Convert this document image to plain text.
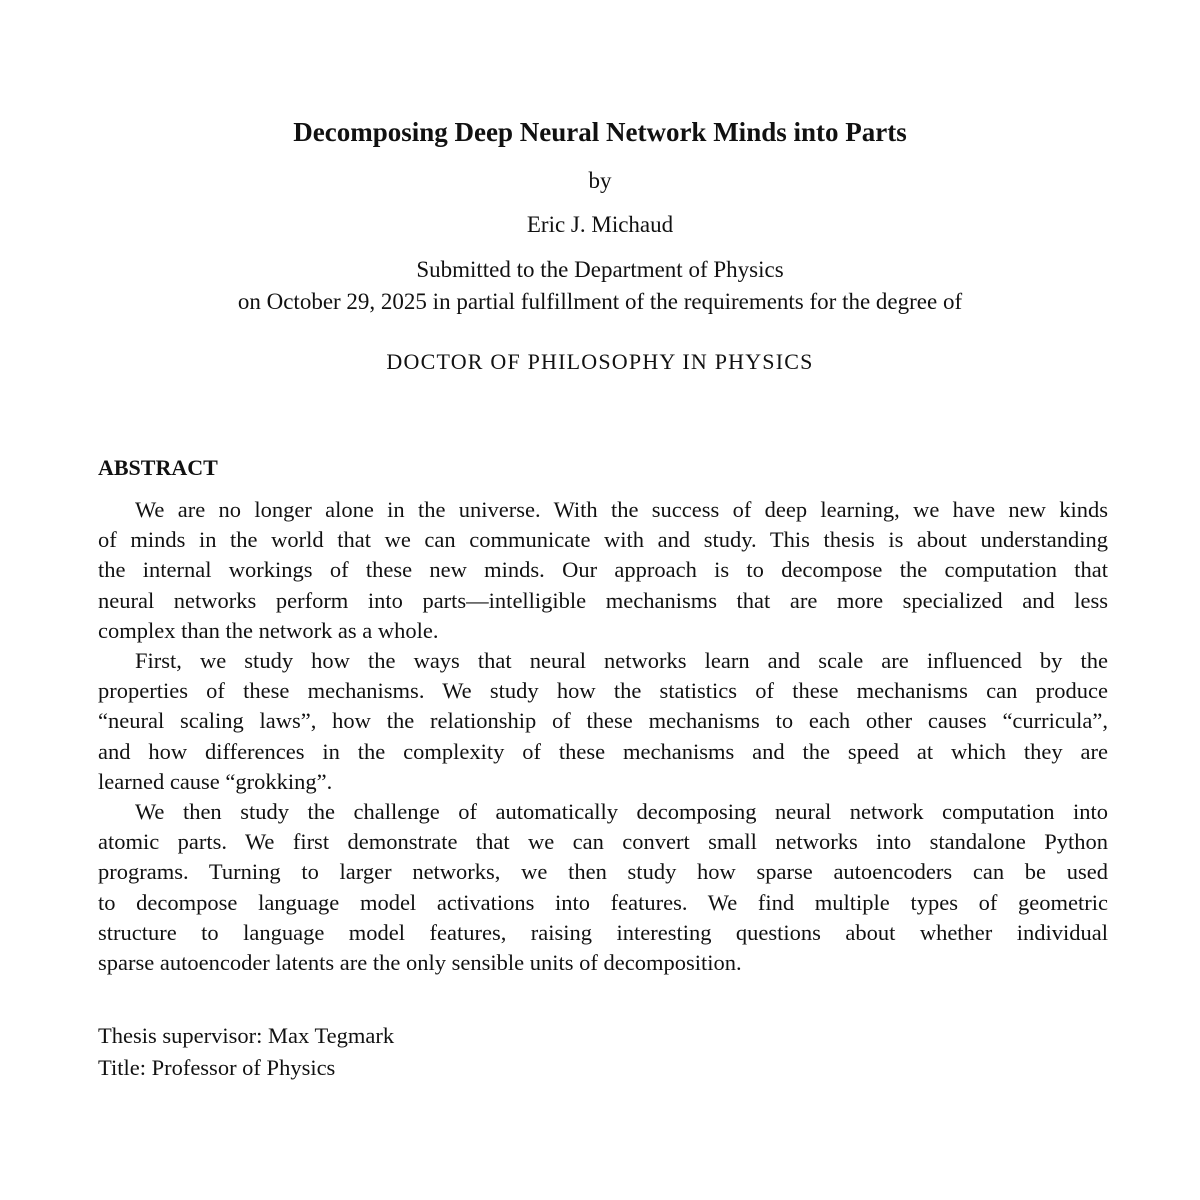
Decomposing Deep Neural Network Minds into Parts
by
Eric J. Michaud
Submitted to the Department of Physics
on October 29, 2025 in partial fulfillment of the requirements for the degree of
DOCTOR OF PHILOSOPHY IN PHYSICS
ABSTRACT
We are no longer alone in the universe. With the success of deep learning, we have new kinds
of minds in the world that we can communicate with and study. This thesis is about understanding
the internal workings of these new minds. Our approach is to decompose the computation that
neural networks perform into parts—intelligible mechanisms that are more specialized and less
complex than the network as a whole.
First, we study how the ways that neural networks learn and scale are influenced by the
properties of these mechanisms. We study how the statistics of these mechanisms can produce
“neural scaling laws”, how the relationship of these mechanisms to each other causes “curricula”,
and how differences in the complexity of these mechanisms and the speed at which they are
learned cause “grokking”.
We then study the challenge of automatically decomposing neural network computation into
atomic parts. We first demonstrate that we can convert small networks into standalone Python
programs. Turning to larger networks, we then study how sparse autoencoders can be used
to decompose language model activations into features. We find multiple types of geometric
structure to language model features, raising interesting questions about whether individual
sparse autoencoder latents are the only sensible units of decomposition.
Thesis supervisor: Max Tegmark
Title: Professor of Physics
